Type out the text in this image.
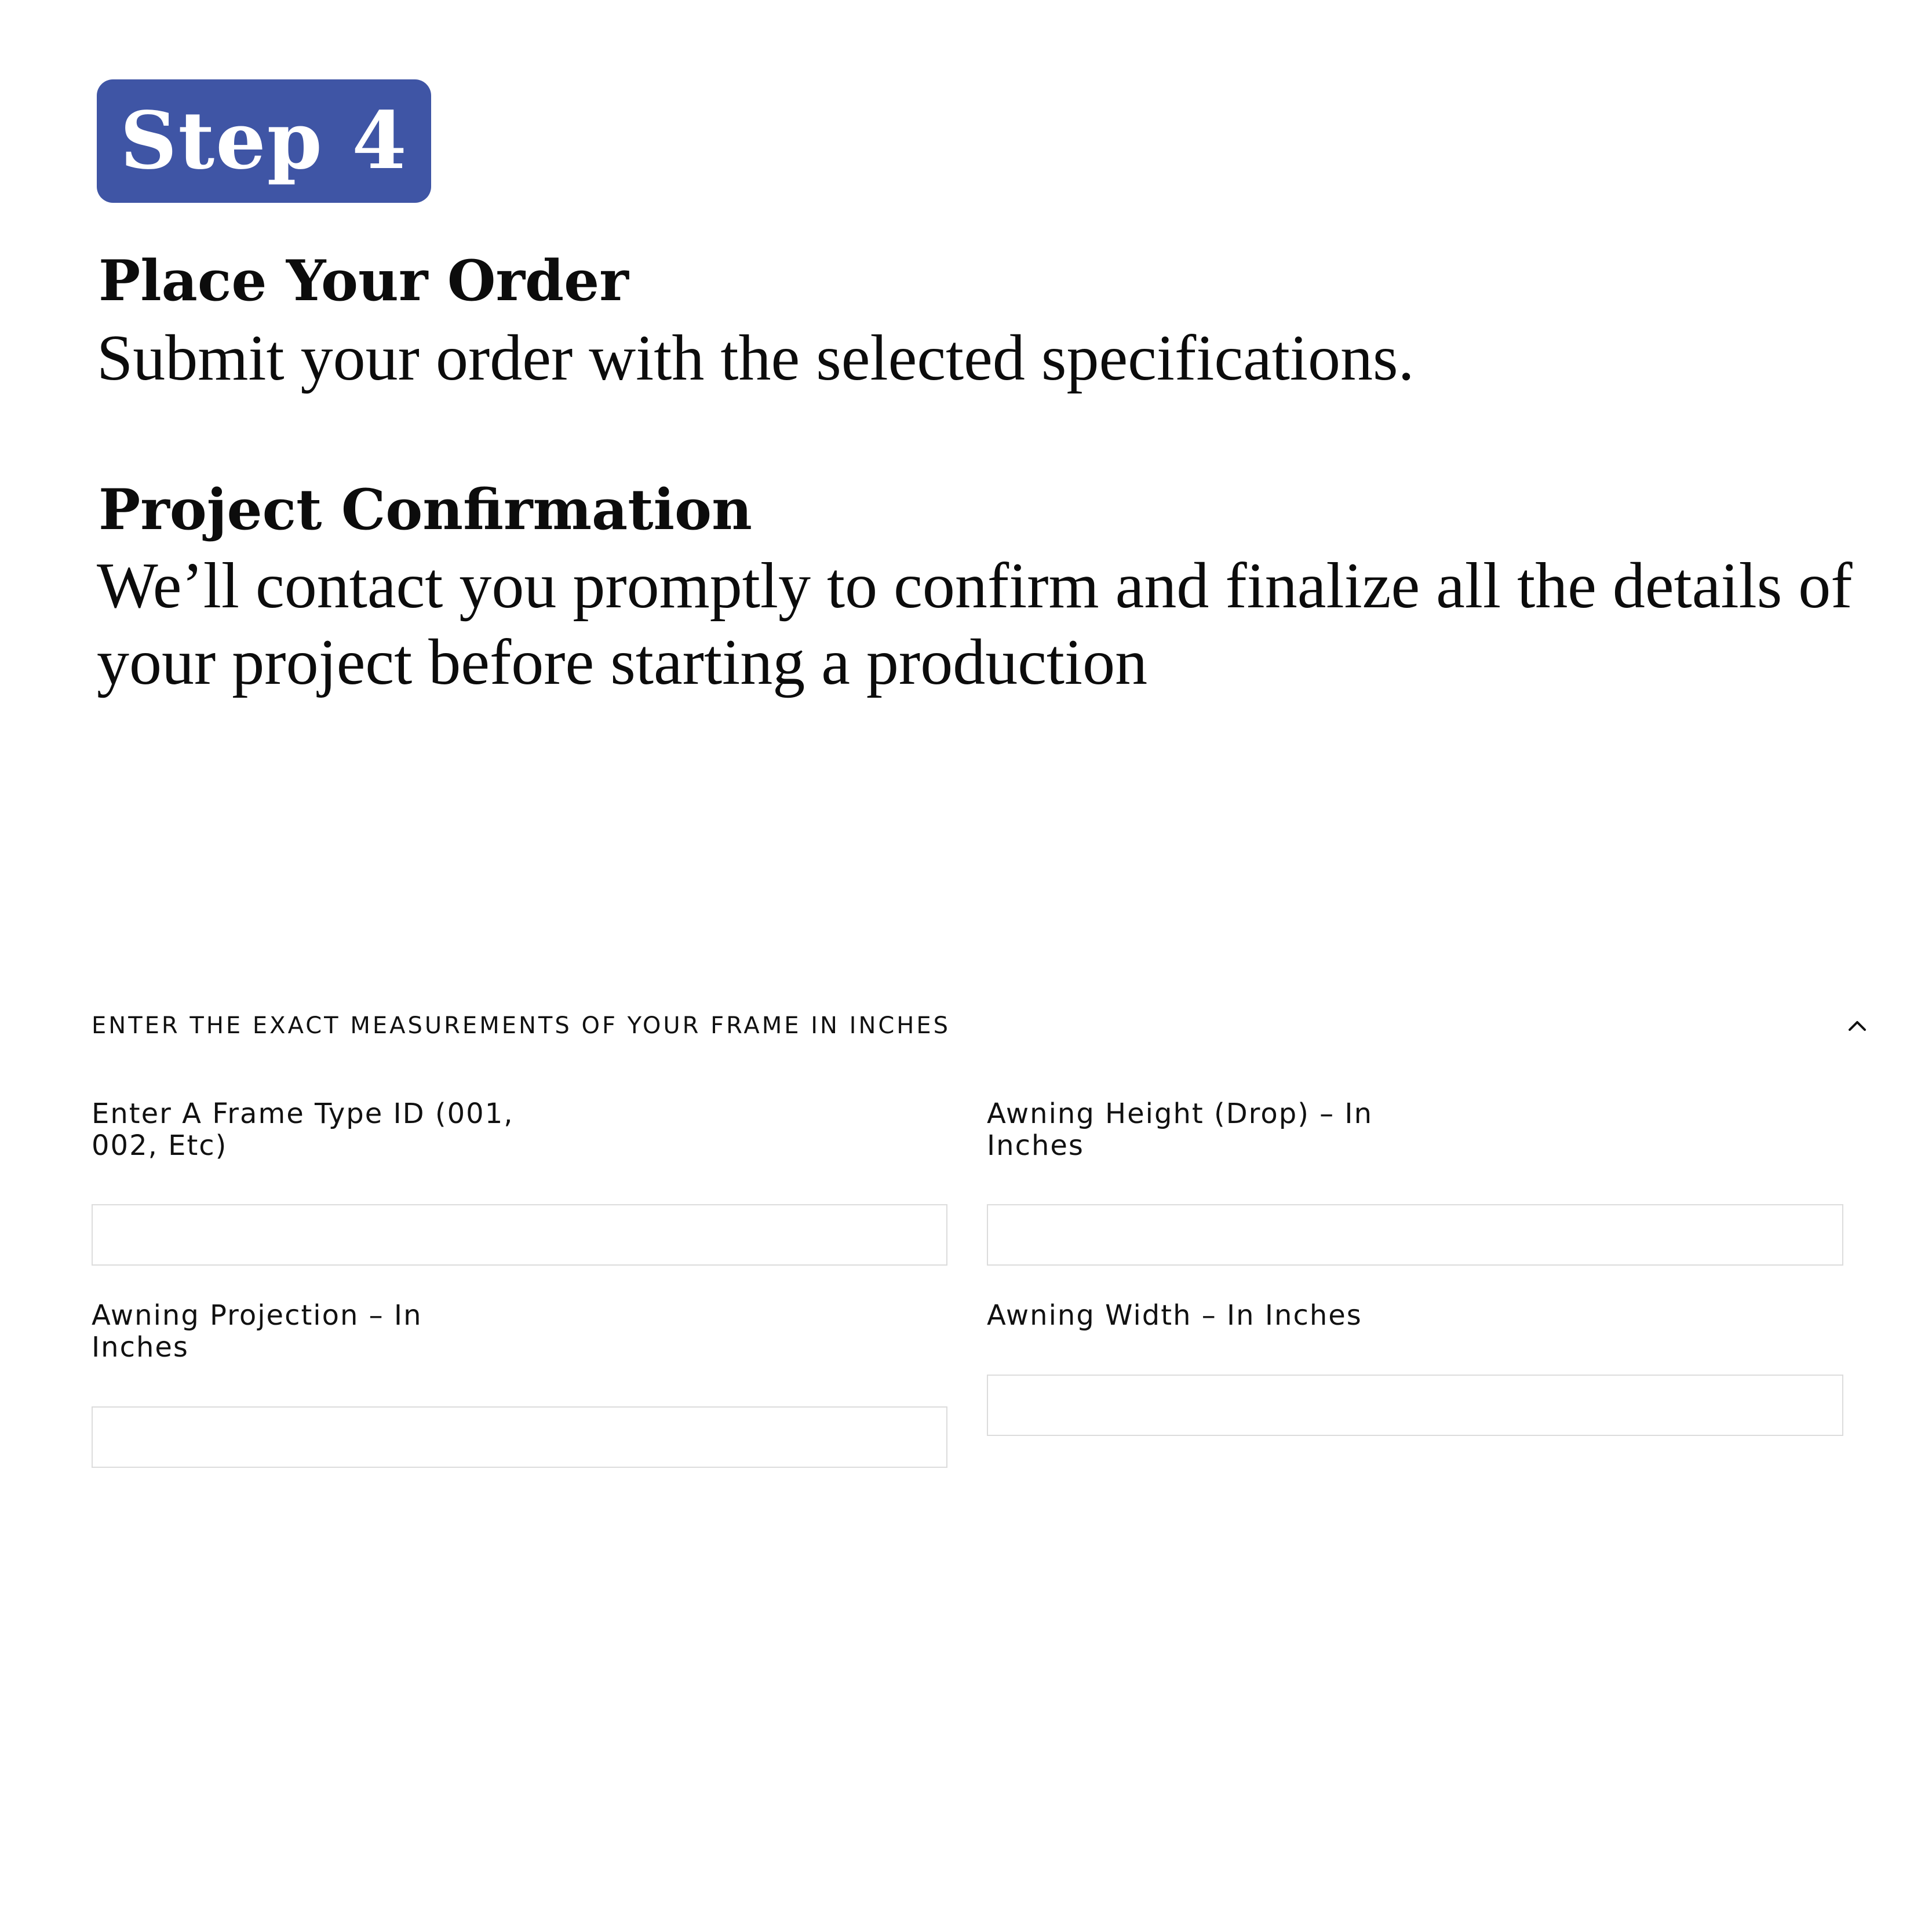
Step 4
Place Your Order
Submit your order with the selected specifications.
Project Confirmation
We’ll contact you promptly to confirm and finalize all the details of your project before starting a production
ENTER THE EXACT MEASUREMENTS OF YOUR FRAME IN INCHES
Enter A Frame Type ID (001, 002, Etc)
Awning Height (Drop) – In Inches
Awning Projection – In Inches
Awning Width – In Inches
